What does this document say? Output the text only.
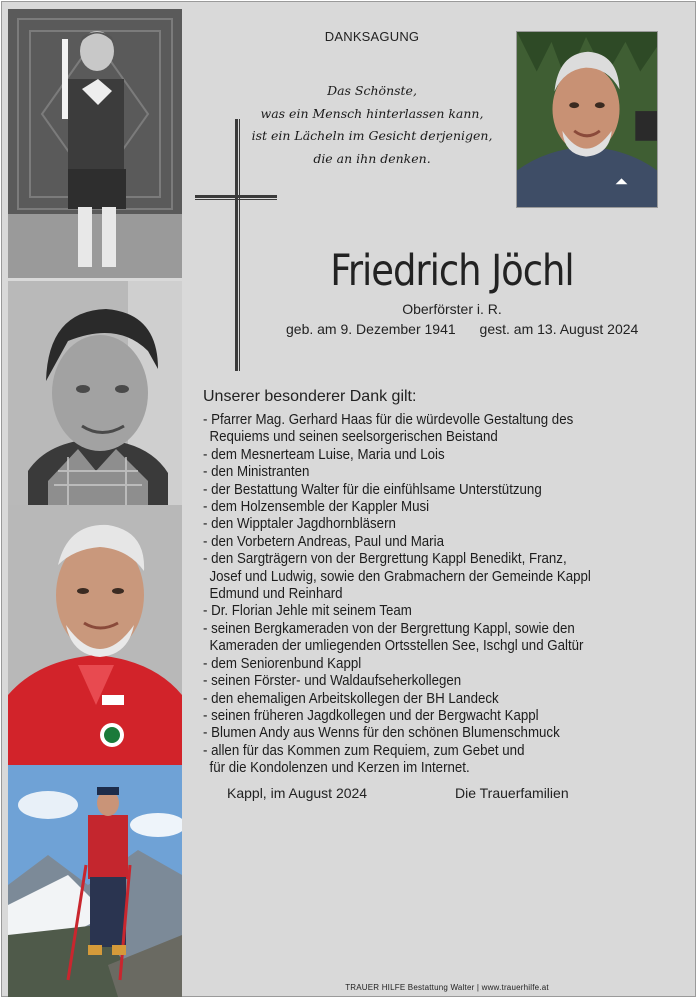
DANKSAGUNG
Das Schönste,
was ein Mensch hinterlassen kann,
ist ein Lächeln im Gesicht derjenigen,
die an ihn denken.
Friedrich Jöchl
Oberförster i. R.
geb. am 9. Dezember 1941 gest. am 13. August 2024
Unserer besonderer Dank gilt:
- Pfarrer Mag. Gerhard Haas für die würdevolle Gestaltung des
Requiems und seinen seelsorgerischen Beistand
- dem Mesnerteam Luise, Maria und Lois
- den Ministranten
- der Bestattung Walter für die einfühlsame Unterstützung
- dem Holzensemble der Kappler Musi
- den Wipptaler Jagdhornbläsern
- den Vorbetern Andreas, Paul und Maria
- den Sargträgern von der Bergrettung Kappl Benedikt, Franz,
Josef und Ludwig, sowie den Grabmachern der Gemeinde Kappl
Edmund und Reinhard
- Dr. Florian Jehle mit seinem Team
- seinen Bergkameraden von der Bergrettung Kappl, sowie den
Kameraden der umliegenden Ortsstellen See, Ischgl und Galtür
- dem Seniorenbund Kappl
- seinen Förster- und Waldaufseherkollegen
- den ehemaligen Arbeitskollegen der BH Landeck
- seinen früheren Jagdkollegen und der Bergwacht Kappl
- Blumen Andy aus Wenns für den schönen Blumenschmuck
- allen für das Kommen zum Requiem, zum Gebet und
für die Kondolenzen und Kerzen im Internet.
Kappl, im August 2024	Die Trauerfamilien
TRAUER HILFE Bestattung Walter | www.trauerhilfe.at
